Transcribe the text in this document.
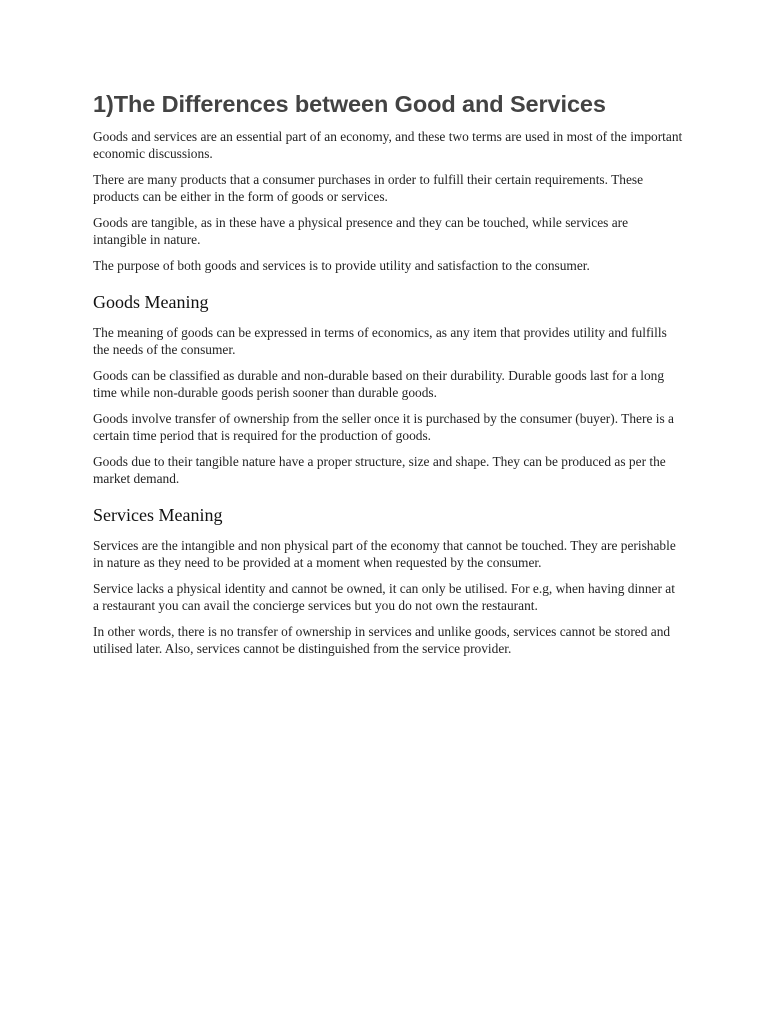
1)The Differences between Good and Services

Goods and services are an essential part of an economy, and these two terms are used in most of the important economic discussions.

There are many products that a consumer purchases in order to fulfill their certain requirements. These products can be either in the form of goods or services.

Goods are tangible, as in these have a physical presence and they can be touched, while services are intangible in nature.

The purpose of both goods and services is to provide utility and satisfaction to the consumer.

Goods Meaning

The meaning of goods can be expressed in terms of economics, as any item that provides utility and fulfills the needs of the consumer.

Goods can be classified as durable and non-durable based on their durability. Durable goods last for a long time while non-durable goods perish sooner than durable goods.

Goods involve transfer of ownership from the seller once it is purchased by the consumer (buyer). There is a certain time period that is required for the production of goods.

Goods due to their tangible nature have a proper structure, size and shape. They can be produced as per the market demand.

Services Meaning

Services are the intangible and non physical part of the economy that cannot be touched. They are perishable in nature as they need to be provided at a moment when requested by the consumer.

Service lacks a physical identity and cannot be owned, it can only be utilised. For e.g, when having dinner at a restaurant you can avail the concierge services but you do not own the restaurant.

In other words, there is no transfer of ownership in services and unlike goods, services cannot be stored and utilised later. Also, services cannot be distinguished from the service provider.
